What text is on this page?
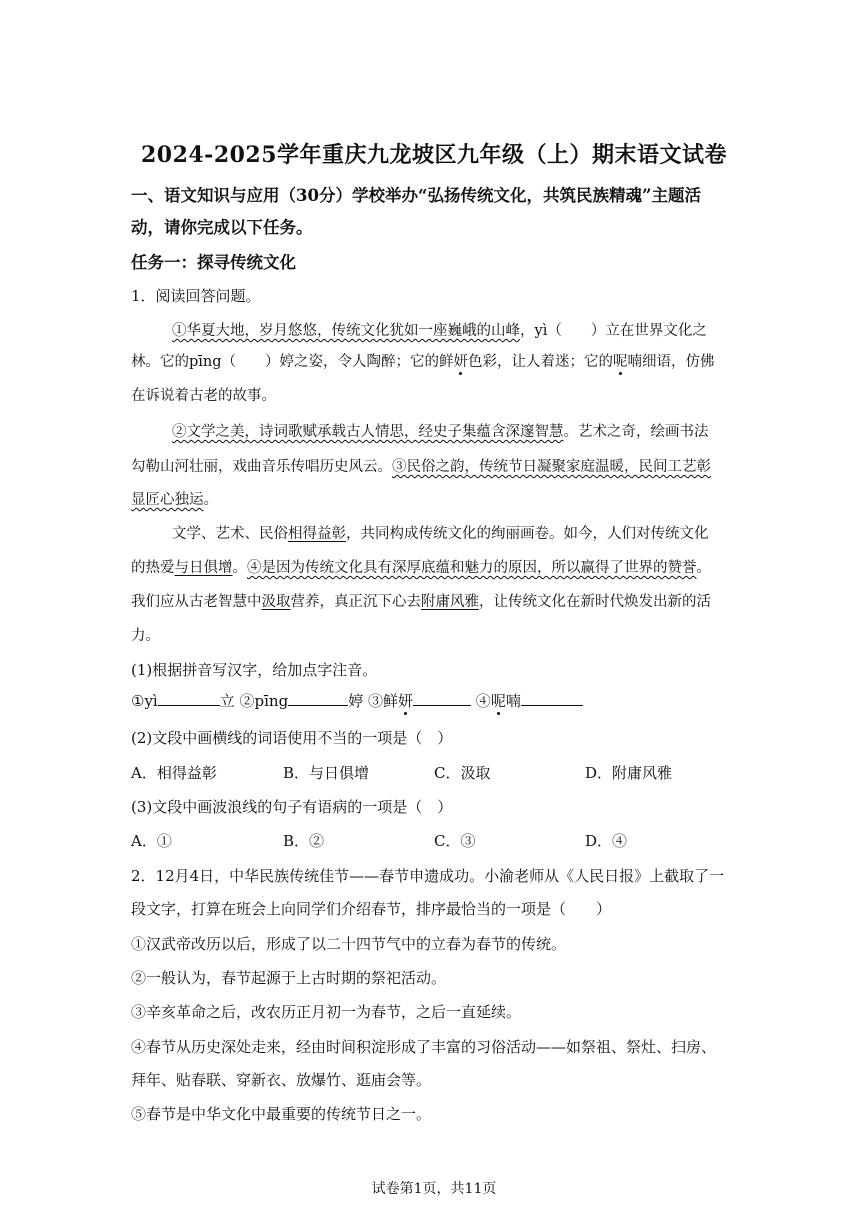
2024-2025学年重庆九龙坡区九年级（上）期末语文试卷
一、语文知识与应用（30分）学校举办“弘扬传统文化，共筑民族精魂”主题活
动，请你完成以下任务。
任务一：探寻传统文化
1．阅读回答问题。
①华夏大地，岁月悠悠，传统文化犹如一座巍峨的山峰，yì（　　）立在世界文化之
林。它的pīng（　　）婷之姿，令人陶醉；它的鲜妍色彩，让人着迷；它的呢喃细语，仿佛
在诉说着古老的故事。
②文学之美，诗词歌赋承载古人情思，经史子集蕴含深邃智慧。艺术之奇，绘画书法
勾勒山河壮丽，戏曲音乐传唱历史风云。③民俗之韵，传统节日凝聚家庭温暖，民间工艺彰
显匠心独运。
文学、艺术、民俗相得益彰，共同构成传统文化的绚丽画卷。如今，人们对传统文化
的热爱与日俱增。④是因为传统文化具有深厚底蕴和魅力的原因，所以赢得了世界的赞誉。
我们应从古老智慧中汲取营养，真正沉下心去附庸风雅，让传统文化在新时代焕发出新的活
力。
(1)根据拼音写汉字，给加点字注音。
①yì	立 ②pīng	婷 ③鲜妍	④呢喃
(2)文段中画横线的词语使用不当的一项是（　）
A．相得益彰	B．与日俱增	C．汲取	D．附庸风雅
(3)文段中画波浪线的句子有语病的一项是（　）
A．①	B．②	C．③	D．④
2．12月4日，中华民族传统佳节——春节申遗成功。小渝老师从《人民日报》上截取了一
段文字，打算在班会上向同学们介绍春节，排序最恰当的一项是（　　）
①汉武帝改历以后，形成了以二十四节气中的立春为春节的传统。
②一般认为，春节起源于上古时期的祭祀活动。
③辛亥革命之后，改农历正月初一为春节，之后一直延续。
④春节从历史深处走来，经由时间积淀形成了丰富的习俗活动——如祭祖、祭灶、扫房、
拜年、贴春联、穿新衣、放爆竹、逛庙会等。
⑤春节是中华文化中最重要的传统节日之一。
试卷第1页，共11页
